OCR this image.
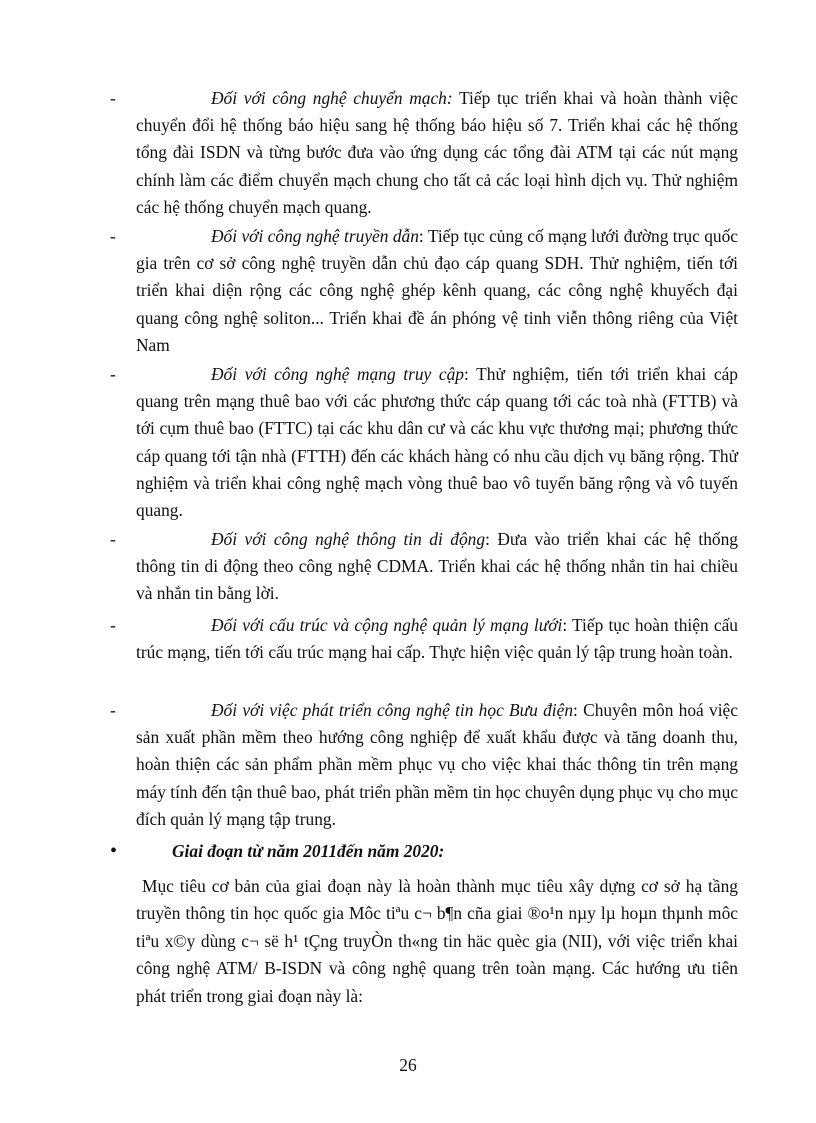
-	Đối với công nghệ chuyển mạch: Tiếp tục triển khai và hoàn thành việc chuyển đổi hệ thống báo hiệu sang hệ thống báo hiệu số 7. Triển khai các hệ thống tổng đài ISDN và từng bước đưa vào ứng dụng các tổng đài ATM tại các nút mạng chính làm các điểm chuyển mạch chung cho tất cả các loại hình dịch vụ. Thử nghiệm các hệ thống chuyển mạch quang.
-	Đối với công nghệ truyền dẫn: Tiếp tục củng cố mạng lưới đường trục quốc gia trên cơ sở công nghệ truyền dẫn chủ đạo cáp quang SDH. Thử nghiệm, tiến tới triển khai diện rộng các công nghệ ghép kênh quang, các công nghệ khuyếch đại quang công nghệ soliton... Triển khai đề án phóng vệ tinh viễn thông riêng của Việt Nam
-	Đối với công nghệ mạng truy cập: Thử nghiệm, tiến tới triển khai cáp quang trên mạng thuê bao với các phương thức cáp quang tới các toà nhà (FTTB) và tới cụm thuê bao (FTTC) tại các khu dân cư và các khu vực thương mại; phương thức cáp quang tới tận nhà (FTTH) đến các khách hàng có nhu cầu dịch vụ băng rộng. Thử nghiệm và triển khai công nghệ mạch vòng thuê bao vô tuyến băng rộng và vô tuyến quang.
-	Đối với công nghệ thông tin di động: Đưa vào triển khai các hệ thống thông tin di động theo công nghệ CDMA. Triển khai các hệ thống nhắn tin hai chiều và nhắn tin bằng lời.
-	Đối với cấu trúc và cộng nghệ quản lý mạng lưới: Tiếp tục hoàn thiện cấu trúc mạng, tiến tới cấu trúc mạng hai cấp. Thực hiện việc quản lý tập trung hoàn toàn.
-	Đối với việc phát triển công nghệ tin học Bưu điện: Chuyên môn hoá việc sản xuất phần mềm theo hướng công nghiệp để xuất khẩu được và tăng doanh thu, hoàn thiện các sản phẩm phần mềm phục vụ cho việc khai thác thông tin trên mạng máy tính đến tận thuê bao, phát triển phần mềm tin học chuyên dụng phục vụ cho mục đích quản lý mạng tập trung.
•	Giai đoạn từ năm 2011đến năm 2020:
Mục tiêu cơ bản của giai đoạn này là hoàn thành mục tiêu xây dựng cơ sở hạ tầng truyền thông tin học quốc gia Môc tiªu c¬ b¶n cña giai ®o¹n nµy lµ hoµn thµnh môc tiªu x©y dùng c¬ së h¹ tÇng truyÒn th«ng tin häc quèc gia (NII), với việc triển khai công nghệ ATM/ B-ISDN và công nghệ quang trên toàn mạng. Các hướng ưu tiên phát triển trong giai đoạn này là:
26
